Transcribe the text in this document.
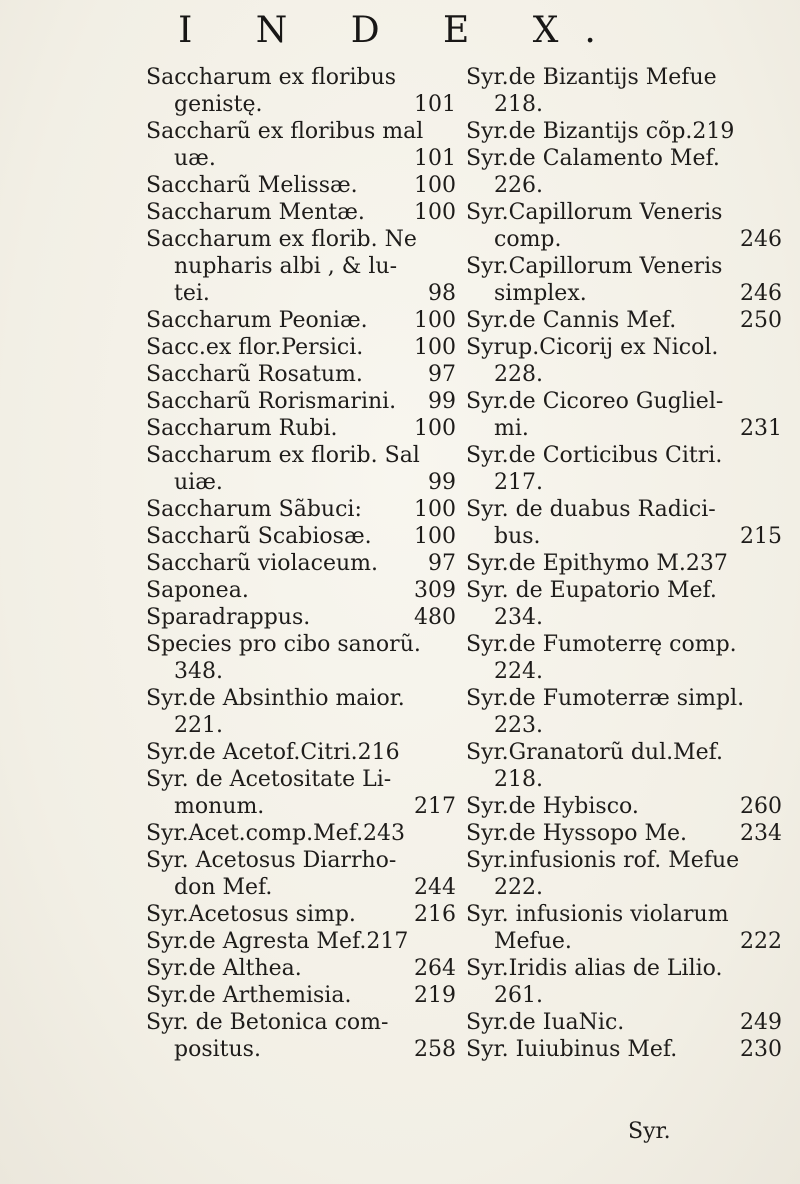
I N D E X.
Saccharum ex floribus
genistę.	101
Saccharũ ex floribus mal
uæ.	101
Saccharũ Melissæ.	100
Saccharum Mentæ.	100
Saccharum ex florib. Ne
nupharis albi , & lu-
tei.	98
Saccharum Peoniæ.	100
Sacc.ex flor.Persici.	100
Saccharũ Rosatum.	97
Saccharũ Rorismarini.	99
Saccharum Rubi.	100
Saccharum ex florib. Sal
uiæ.	99
Saccharum Sãbuci:	100
Saccharũ Scabiosæ.	100
Saccharũ violaceum.	97
Saponea.	309
Sparadrappus.	480
Species pro cibo sanorũ.
348.
Syr.de Absinthio maior.
221.
Syr.de Acetof.Citri.216
Syr. de Acetositate Li-
monum.	217
Syr.Acet.comp.Mef.243
Syr. Acetosus Diarrho-
don Mef.	244
Syr.Acetosus simp.	216
Syr.de Agresta Mef.217
Syr.de Althea.	264
Syr.de Arthemisia.	219
Syr. de Betonica com-
positus.	258
Syr.de Bizantijs Mefue
218.
Syr.de Bizantijs cõp.219
Syr.de Calamento Mef.
226.
Syr.Capillorum Veneris
comp.	246
Syr.Capillorum Veneris
simplex.	246
Syr.de Cannis Mef.	250
Syrup.Cicorij ex Nicol.
228.
Syr.de Cicoreo Gugliel-
mi.	231
Syr.de Corticibus Citri.
217.
Syr. de duabus Radici-
bus.	215
Syr.de Epithymo M.237
Syr. de Eupatorio Mef.
234.
Syr.de Fumoterrę comp.
224.
Syr.de Fumoterræ simpl.
223.
Syr.Granatorũ dul.Mef.
218.
Syr.de Hybisco.	260
Syr.de Hyssopo Me.	234
Syr.infusionis rof. Mefue
222.
Syr. infusionis violarum
Mefue.	222
Syr.Iridis alias de Lilio.
261.
Syr.de IuaNic.	249
Syr. Iuiubinus Mef.	230
Syr.
